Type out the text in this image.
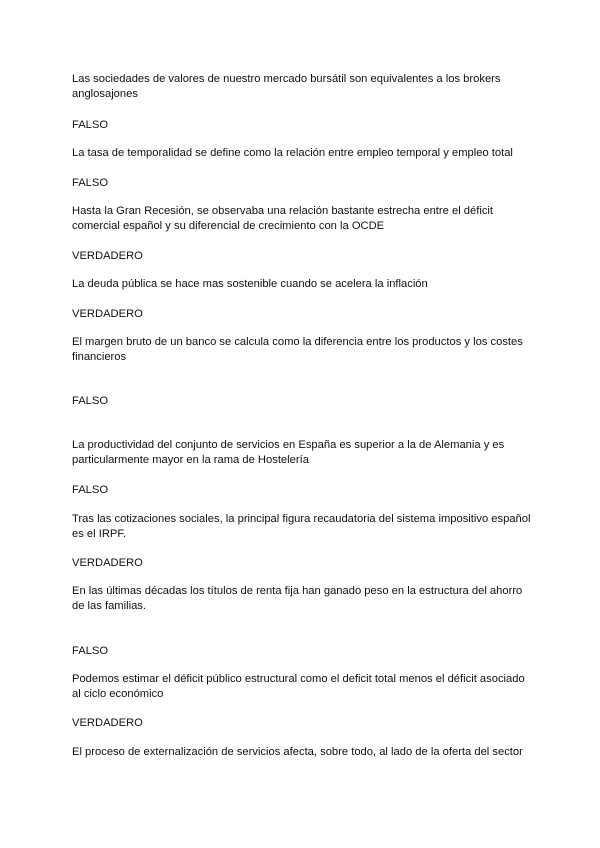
Las sociedades de valores de nuestro mercado bursátil son equivalentes a los brokers
anglosajones
FALSO
La tasa de temporalidad se define como la relación entre empleo temporal y empleo total
FALSO
Hasta la Gran Recesión, se observaba una relación bastante estrecha entre el déficit
comercial español y su diferencial de crecimiento con la OCDE
VERDADERO
La deuda pública se hace mas sostenible cuando se acelera la inflación
VERDADERO
El margen bruto de un banco se calcula como la diferencia entre los productos y los costes
financieros
FALSO
La productividad del conjunto de servicios en España es superior a la de Alemania y es
particularmente mayor en la rama de Hostelería
FALSO
Tras las cotizaciones sociales, la principal figura recaudatoria del sistema impositivo español
es el IRPF.
VERDADERO
En las últimas décadas los títulos de renta fija han ganado peso en la estructura del ahorro
de las familias.
FALSO
Podemos estimar el déficit público estructural como el deficit total menos el déficit asociado
al ciclo económico
VERDADERO
El proceso de externalización de servicios afecta, sobre todo, al lado de la oferta del sector
